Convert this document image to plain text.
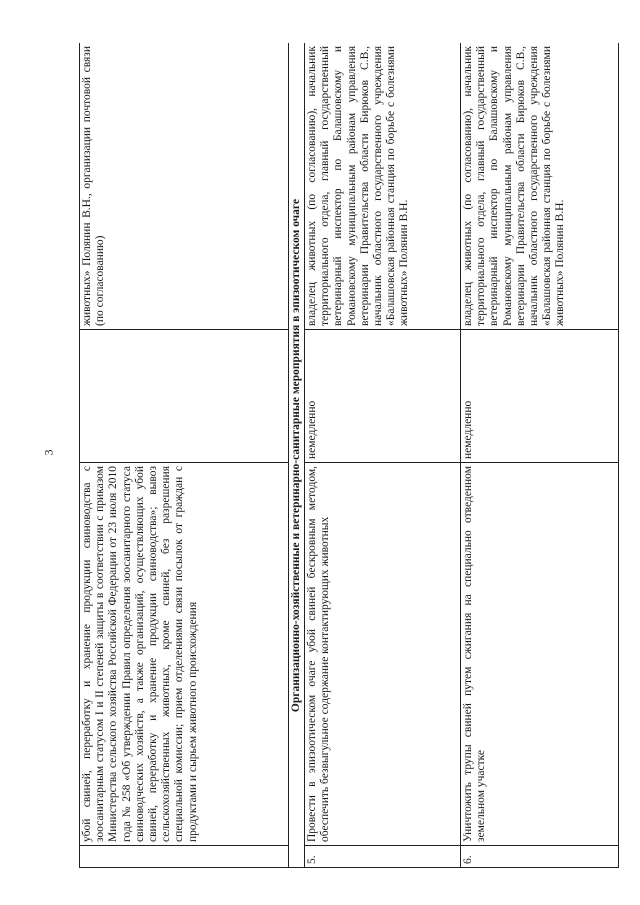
3
убой свиней, переработку и хранение продукции свиноводства с зоосанитарным статусом I и II степеней защиты в соответствии с приказом Министерства сельского хозяйства Российской Федерации от 23 июля 2010 года № 258 «Об утверждении Правил определения зоосанитарного статуса свиноводческих хозяйств, а также организаций, осуществляющих убой свиней, переработку и хранение продукции свиноводства»; вывоз сельскохозяйственных животных, кроме свиней, без разрешения специальной комиссии; прием отделениями связи посылок от граждан с продуктами и сырьем животного происхождения
животных» Полянин В.Н., организации почтовой связи (по согласованию)	Организационно-хозяйственные и ветеринарно-санитарные мероприятия в эпизоотическом очаге
5.
Провести в эпизоотическом очаге убой свиней бескровным методом, обеспечить безвыгульное содержание контактирующих животных
немедленно
владелец животных (по согласованию), начальник территориального отдела, главный государственный ветеринарный инспектор по Балашовскому и Романовскому муниципальным районам управления ветеринарии Правительства области Бирюков С.В., начальник областного государственного учреждения «Балашовская районная станция по борьбе с болезнями животных» Полянин В.Н.
6.
Уничтожить трупы свиней путем сжигания на специально отведенном земельном участке
немедленно
владелец животных (по согласованию), начальник территориального отдела, главный государственный ветеринарный инспектор по Балашовскому и Романовскому муниципальным районам управления ветеринарии Правительства области Бирюков С.В., начальник областного государственного учреждения «Балашовская районная станция по борьбе с болезнями животных» Полянин В.Н.
